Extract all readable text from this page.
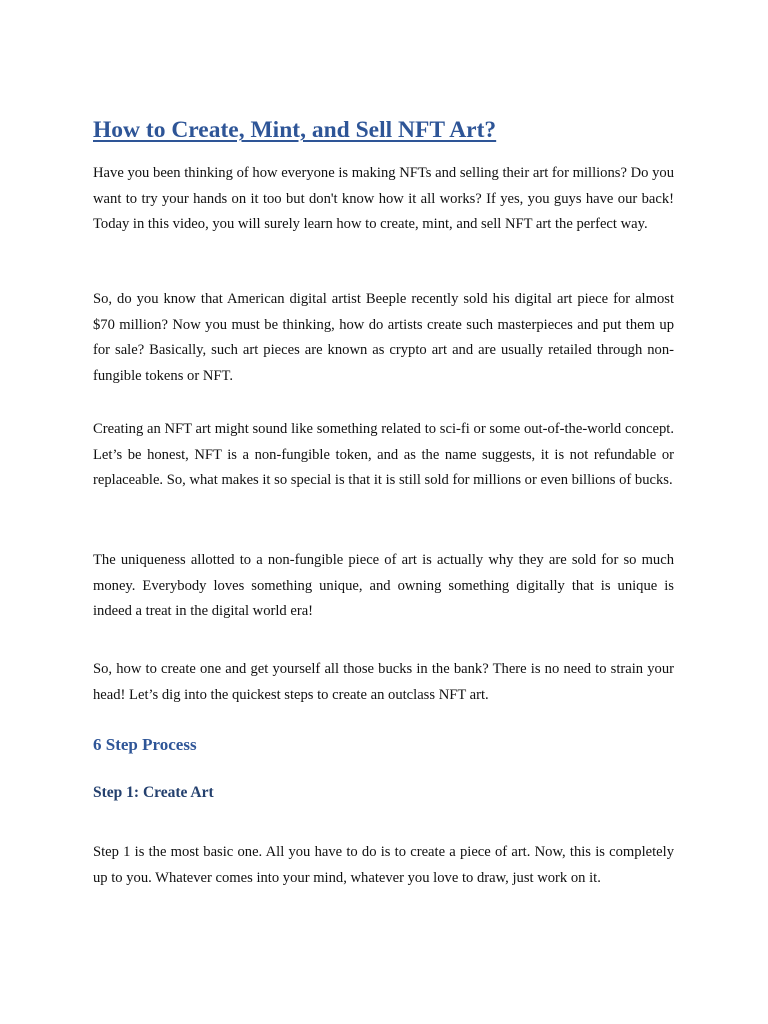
How to Create, Mint, and Sell NFT Art?

Have you been thinking of how everyone is making NFTs and selling their art for millions? Do you want to try your hands on it too but don't know how it all works? If yes, you guys have our back! Today in this video, you will surely learn how to create, mint, and sell NFT art the perfect way.

So, do you know that American digital artist Beeple recently sold his digital art piece for almost $70 million? Now you must be thinking, how do artists create such masterpieces and put them up for sale? Basically, such art pieces are known as crypto art and are usually retailed through non-fungible tokens or NFT.

Creating an NFT art might sound like something related to sci-fi or some out-of-the-world concept. Let’s be honest, NFT is a non-fungible token, and as the name suggests, it is not refundable or replaceable. So, what makes it so special is that it is still sold for millions or even billions of bucks.

The uniqueness allotted to a non-fungible piece of art is actually why they are sold for so much money. Everybody loves something unique, and owning something digitally that is unique is indeed a treat in the digital world era!

So, how to create one and get yourself all those bucks in the bank? There is no need to strain your head! Let’s dig into the quickest steps to create an outclass NFT art.

6 Step Process
Step 1: Create Art

Step 1 is the most basic one. All you have to do is to create a piece of art. Now, this is completely up to you. Whatever comes into your mind, whatever you love to draw, just work on it.
